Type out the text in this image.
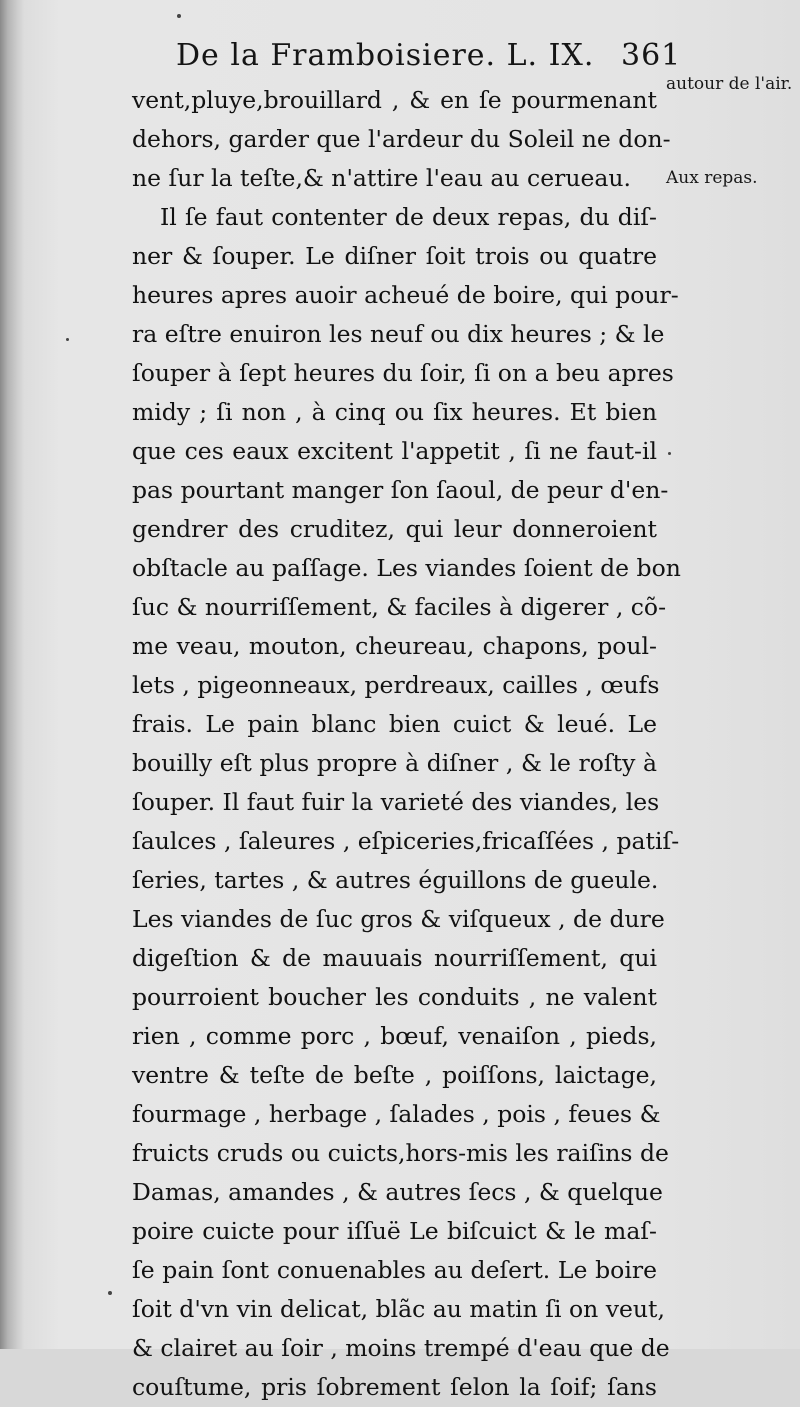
De la Framboisiere. L. IX. 361
autour de l'air.
Aux repas.
vent,pluye,brouillard , & en ſe pourmenant
dehors, garder que l'ardeur du Soleil ne don-
ne ſur la teſte,& n'attire l'eau au cerueau.
Il ſe faut contenter de deux repas, du diſ-
ner & ſouper. Le diſner ſoit trois ou quatre
heures apres auoir acheué de boire, qui pour-
ra eſtre enuiron les neuf ou dix heures ; & le
ſouper à ſept heures du ſoir, ſi on a beu apres
midy ; ſi non , à cinq ou ſix heures. Et bien
que ces eaux excitent l'appetit , ſi ne faut-il
pas pourtant manger ſon ſaoul, de peur d'en-
gendrer des cruditez, qui leur donneroient
obſtacle au paſſage. Les viandes ſoient de bon
ſuc & nourriſſement, & faciles à digerer , cõ-
me veau, mouton, cheureau, chapons, poul-
lets , pigeonneaux, perdreaux, cailles , œufs
frais. Le pain blanc bien cuict & leué. Le
bouilly eſt plus propre à diſner , & le roſty à
ſouper. Il faut fuir la varieté des viandes, les
ſaulces , ſaleures , eſpiceries,fricaſſées , patiſ-
ſeries, tartes , & autres éguillons de gueule.
Les viandes de ſuc gros & viſqueux , de dure
digeſtion & de mauuais nourriſſement, qui
pourroient boucher les conduits , ne valent
rien , comme porc , bœuf, venaiſon , pieds,
ventre & teſte de beſte , poiſſons, laictage,
fourmage , herbage , ſalades , pois , feues &
fruicts cruds ou cuicts,hors-mis les raiſins de
Damas, amandes , & autres ſecs , & quelque
poire cuicte pour iſſuë Le biſcuict & le maſ-
ſe pain ſont conuenables au deſert. Le boire
ſoit d'vn vin delicat, blãc au matin ſi on veut,
& clairet au ſoir , moins trempé d'eau que de
couſtume, pris ſobrement ſelon la ſoif; ſans
